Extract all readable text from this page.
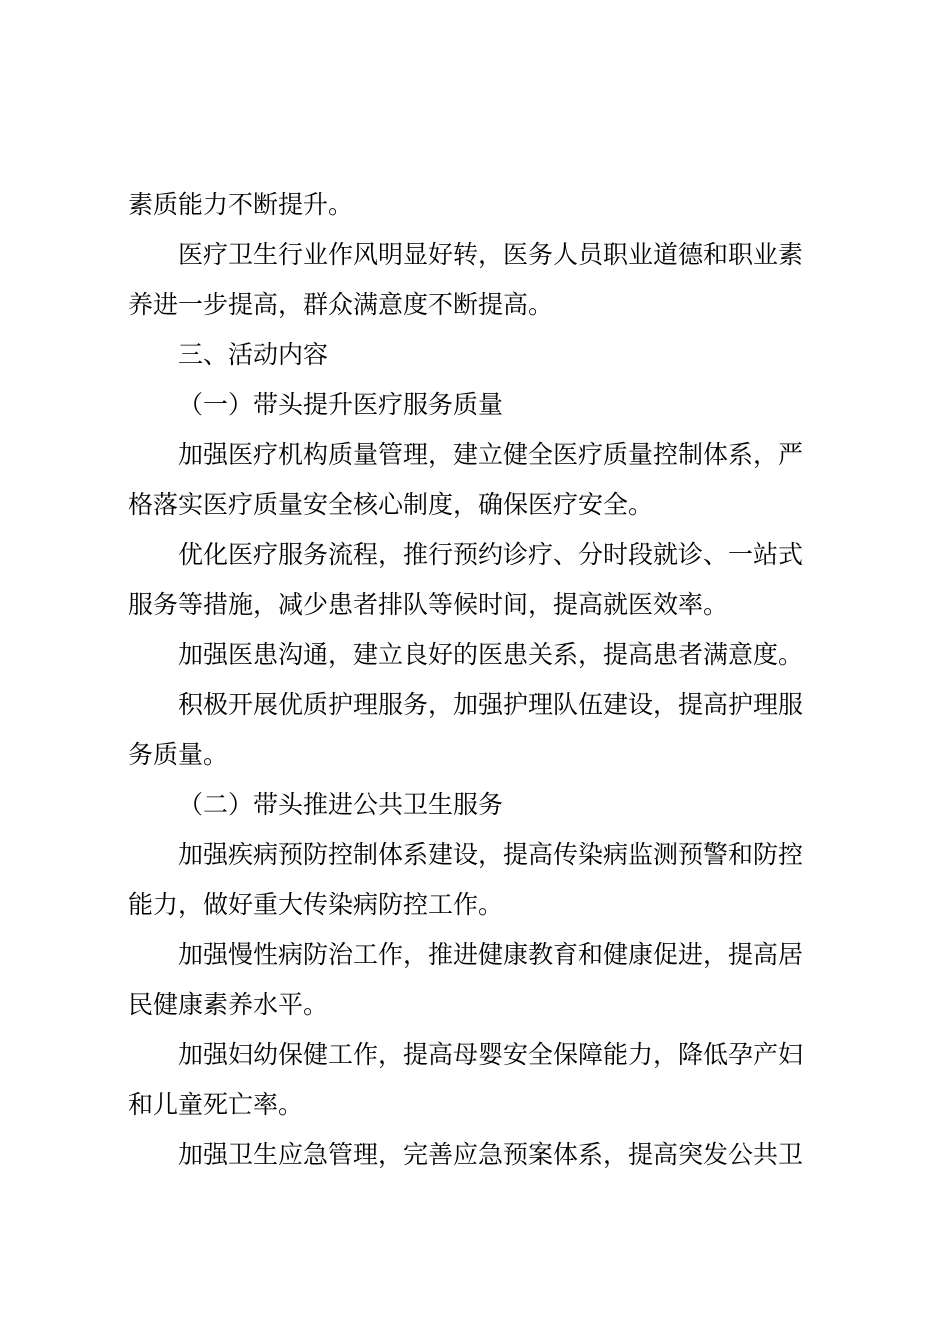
素质能力不断提升。
医疗卫生行业作风明显好转，医务人员职业道德和职业素
养进一步提高，群众满意度不断提高。
三、活动内容
（一）带头提升医疗服务质量
加强医疗机构质量管理，建立健全医疗质量控制体系，严
格落实医疗质量安全核心制度，确保医疗安全。
优化医疗服务流程，推行预约诊疗、分时段就诊、一站式
服务等措施，减少患者排队等候时间，提高就医效率。
加强医患沟通，建立良好的医患关系，提高患者满意度。
积极开展优质护理服务，加强护理队伍建设，提高护理服
务质量。
（二）带头推进公共卫生服务
加强疾病预防控制体系建设，提高传染病监测预警和防控
能力，做好重大传染病防控工作。
加强慢性病防治工作，推进健康教育和健康促进，提高居
民健康素养水平。
加强妇幼保健工作，提高母婴安全保障能力，降低孕产妇
和儿童死亡率。
加强卫生应急管理，完善应急预案体系，提高突发公共卫
